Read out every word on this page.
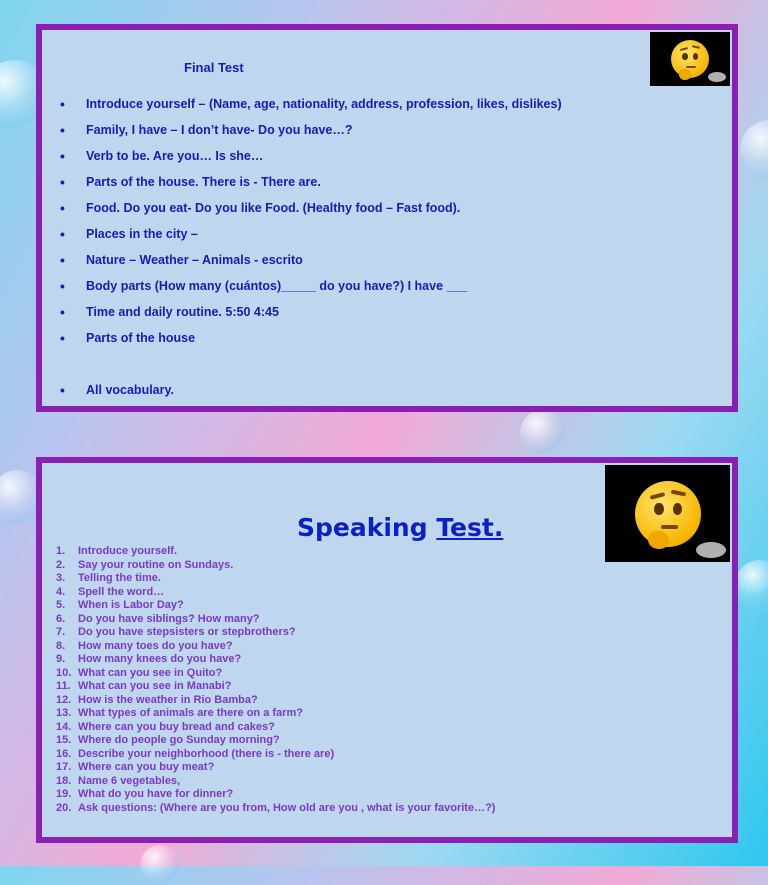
Final Test

• Introduce yourself – (Name, age, nationality, address, profession, likes, dislikes)
• Family, I have – I don’t have- Do you have…?
• Verb to be. Are you… Is she…
• Parts of the house. There is - There are.
• Food. Do you eat- Do you like Food. (Healthy food – Fast food).
• Places in the city –
• Nature – Weather – Animals - escrito
• Body parts (How many (cuántos)_____ do you have?) I have ___
• Time and daily routine. 5:50 4:45
• Parts of the house
• All vocabulary.

Speaking Test.

1.	Introduce yourself.
2.	Say your routine on Sundays.
3.	Telling the time.
4.	Spell the word…
5.	When is Labor Day?
6.	Do you have siblings? How many?
7.	Do you have stepsisters or stepbrothers?
8.	How many toes do you have?
9.	How many knees do you have?
10. What can you see in Quito?
11. What can you see in Manabi?
12. How is the weather in Rio Bamba?
13. What types of animals are there on a farm?
14. Where can you buy bread and cakes?
15. Where do people go Sunday morning?
16. Describe your neighborhood (there is - there are)
17. Where can you buy meat?
18. Name 6 vegetables,
19. What do you have for dinner?
20. Ask questions: (Where are you from, How old are you , what is your favorite…?)
